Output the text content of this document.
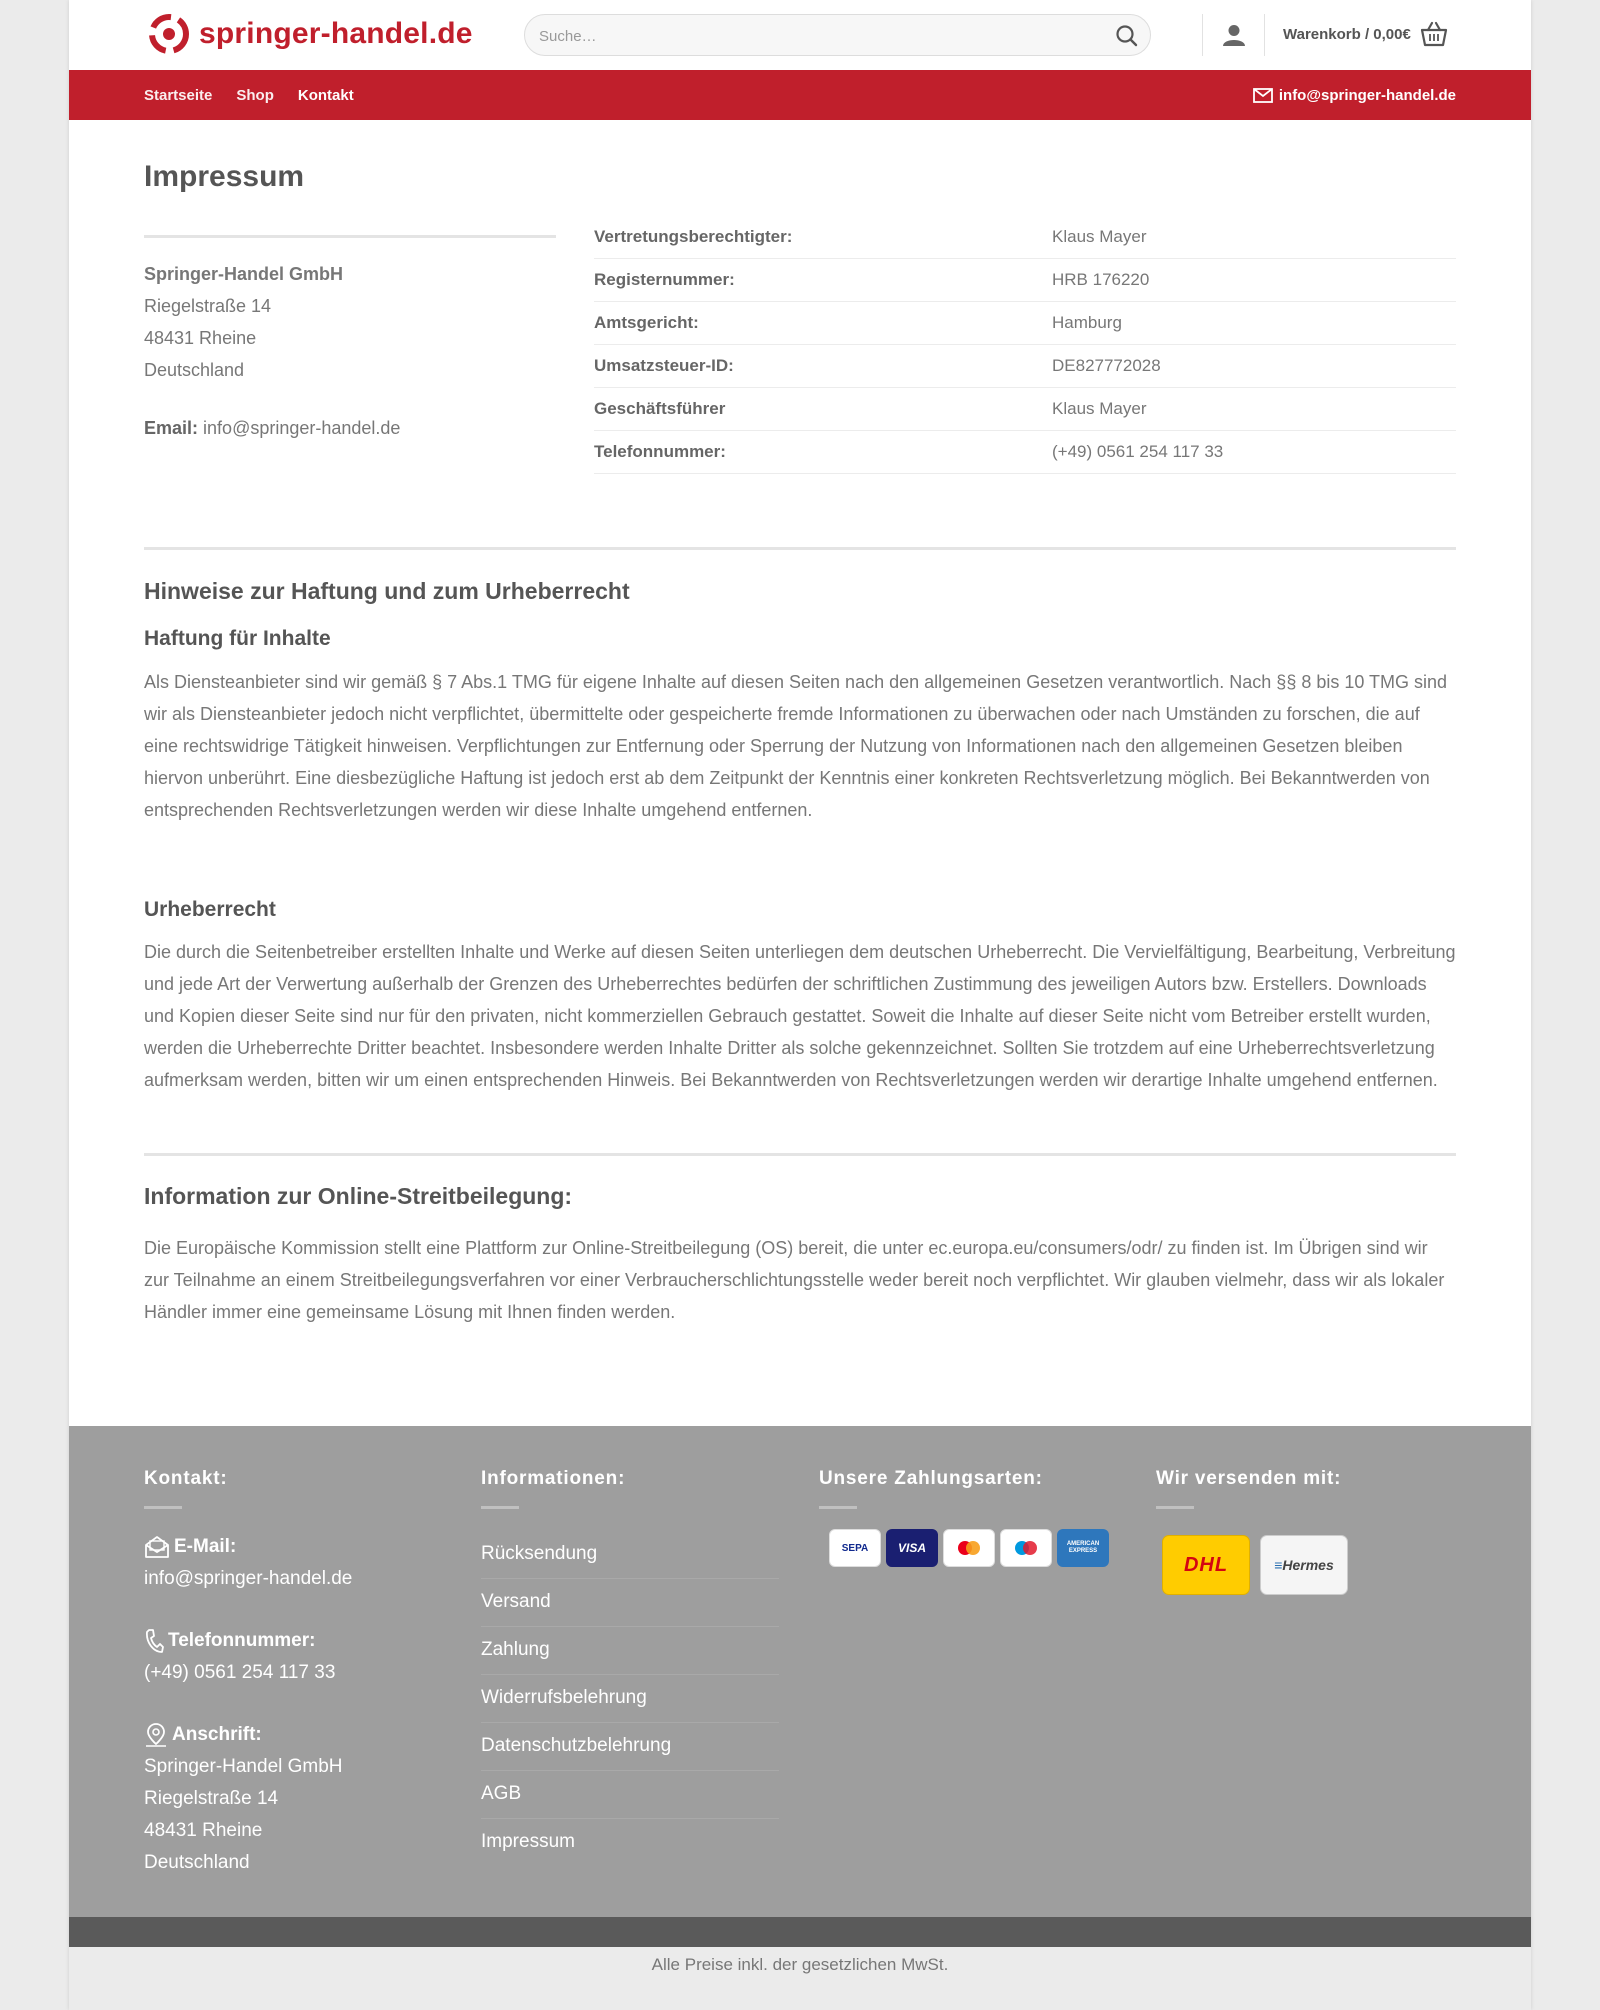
springer-handel.de
Suche…	Warenkorb / 0,00€
Startseite Shop Kontakt	info@springer-handel.de
Impressum
Springer-Handel GmbH
Riegelstraße 14
48431 Rheine
Deutschland
Email: info@springer-handel.de
Vertretungsberechtigter:	Klaus Mayer
Registernummer:	HRB 176220
Amtsgericht:	Hamburg
Umsatzsteuer-ID:	DE827772028
Geschäftsführer	Klaus Mayer
Telefonnummer:	(+49) 0561 254 117 33
Hinweise zur Haftung und zum Urheberrecht
Haftung für Inhalte

Als Diensteanbieter sind wir gemäß § 7 Abs.1 TMG für eigene Inhalte auf diesen Seiten nach den allgemeinen Gesetzen verantwortlich. Nach §§ 8 bis 10 TMG sind wir als Diensteanbieter jedoch nicht verpflichtet, übermittelte oder gespeicherte fremde Informationen zu überwachen oder nach Umständen zu forschen, die auf eine rechtswidrige Tätigkeit hinweisen. Verpflichtungen zur Entfernung oder Sperrung der Nutzung von Informationen nach den allgemeinen Gesetzen bleiben hiervon unberührt. Eine diesbezügliche Haftung ist jedoch erst ab dem Zeitpunkt der Kenntnis einer konkreten Rechtsverletzung möglich. Bei Bekanntwerden von entsprechenden Rechtsverletzungen werden wir diese Inhalte umgehend entfernen.

Urheberrecht

Die durch die Seitenbetreiber erstellten Inhalte und Werke auf diesen Seiten unterliegen dem deutschen Urheberrecht. Die Vervielfältigung, Bearbeitung, Verbreitung und jede Art der Verwertung außerhalb der Grenzen des Urheberrechtes bedürfen der schriftlichen Zustimmung des jeweiligen Autors bzw. Erstellers. Downloads und Kopien dieser Seite sind nur für den privaten, nicht kommerziellen Gebrauch gestattet. Soweit die Inhalte auf dieser Seite nicht vom Betreiber erstellt wurden, werden die Urheberrechte Dritter beachtet. Insbesondere werden Inhalte Dritter als solche gekennzeichnet. Sollten Sie trotzdem auf eine Urheberrechtsverletzung aufmerksam werden, bitten wir um einen entsprechenden Hinweis. Bei Bekanntwerden von Rechtsverletzungen werden wir derartige Inhalte umgehend entfernen.

Information zur Online-Streitbeilegung:

Die Europäische Kommission stellt eine Plattform zur Online-Streitbeilegung (OS) bereit, die unter ec.europa.eu/consumers/odr/ zu finden ist. Im Übrigen sind wir zur Teilnahme an einem Streitbeilegungsverfahren vor einer Verbraucherschlichtungsstelle weder bereit noch verpflichtet. Wir glauben vielmehr, dass wir als lokaler Händler immer eine gemeinsame Lösung mit Ihnen finden werden.

Kontakt:
E-Mail:
info@springer-handel.de
Telefonnummer:
(+49) 0561 254 117 33
Anschrift:
Springer-Handel GmbH
Riegelstraße 14
48431 Rheine
Deutschland
Informationen:
Rücksendung
Versand
Zahlung
Widerrufsbelehrung
Datenschutzbelehrung
AGB
Impressum
Unsere Zahlungsarten:
SEPA VISA	AMERICAN EXPRESS
Wir versenden mit:
DHL	≡Hermes
Alle Preise inkl. der gesetzlichen MwSt.
